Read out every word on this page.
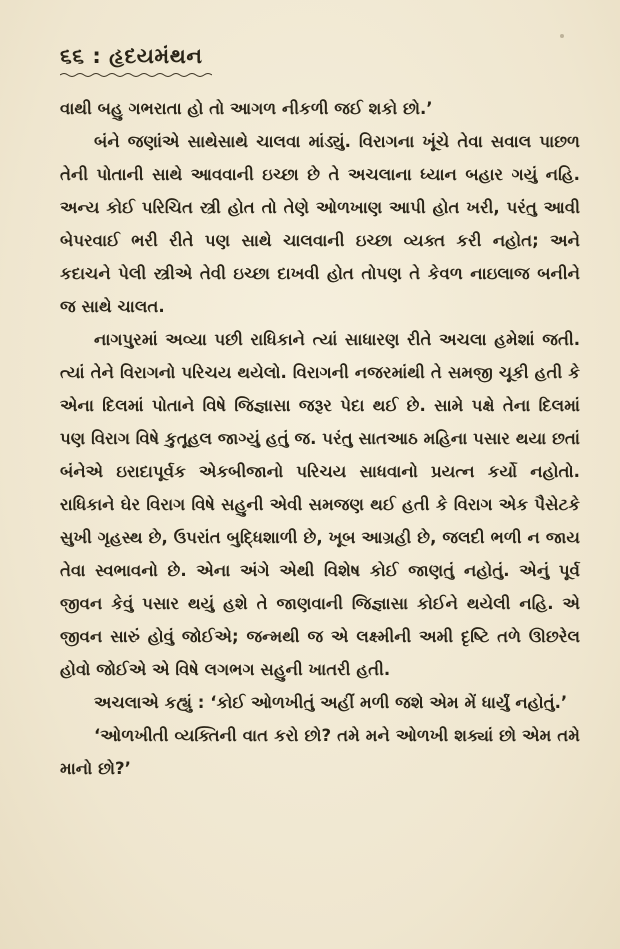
૬૬ : હૃદયમંથન

વાથી બહુ ગભરાતા હો તો આગળ નીકળી જઈ શકો છો.’

બંને જણાંએ સાથેસાથે ચાલવા માંડ્યું. વિરાગના ખૂંચે તેવા સવાલ પાછળ તેની પોતાની સાથે આવવાની ઇચ્છા છે તે અચલાના ધ્યાન બહાર ગયું નહિ. અન્ય કોઈ પરિચિત સ્ત્રી હોત તો તેણે ઓળખાણ આપી હોત ખરી, પરંતુ આવી બેપરવાઈ ભરી રીતે પણ સાથે ચાલવાની ઇચ્છા વ્યક્ત કરી નહોત; અને કદાચને પેલી સ્ત્રીએ તેવી ઇચ્છા દાખવી હોત તોપણ તે કેવળ નાઇલાજ બનીને જ સાથે ચાલત.

નાગપુરમાં અવ્યા પછી રાધિકાને ત્યાં સાધારણ રીતે અચલા હમેશાં જતી. ત્યાં તેને વિરાગનો પરિચય થયેલો. વિરાગની નજરમાંથી તે સમજી ચૂકી હતી કે એના દિલમાં પોતાને વિષે જિજ્ઞાસા જરૂર પેદા થઈ છે. સામે પક્ષે તેના દિલમાં પણ વિરાગ વિષે કુતૂહલ જાગ્યું હતું જ. પરંતુ સાતઆઠ મહિના પસાર થયા છતાં બંનેએ ઇરાદાપૂર્વક એકબીજાનો પરિચય સાધવાનો પ્રયત્ન કર્યો નહોતો. રાધિકાને ઘેર વિરાગ વિષે સહુની એવી સમજણ થઈ હતી કે વિરાગ એક પૈસેટકે સુખી ગૃહસ્થ છે, ઉપરાંત બુદ્ધિશાળી છે, ખૂબ આગ્રહી છે, જલદી ભળી ન જાય તેવા સ્વભાવનો છે. એના અંગે એથી વિશેષ કોઈ જાણતું નહોતું. એનું પૂર્વ જીવન કેવું પસાર થયું હશે તે જાણવાની જિજ્ઞાસા કોઈને થયેલી નહિ. એ જીવન સારું હોવું જોઈએ; જન્મથી જ એ લક્ષ્મીની અમી દૃષ્ટિ તળે ઊછરેલ હોવો જોઈએ એ વિષે લગભગ સહુની ખાતરી હતી.

અચલાએ કહ્યું : ‘કોઈ ઓળખીતું અહીં મળી જશે એમ મેં ધાર્યું નહોતું.’

‘ઓળખીતી વ્યક્તિની વાત કરો છો? તમે મને ઓળખી શક્યાં છો એમ તમે માનો છો?’
